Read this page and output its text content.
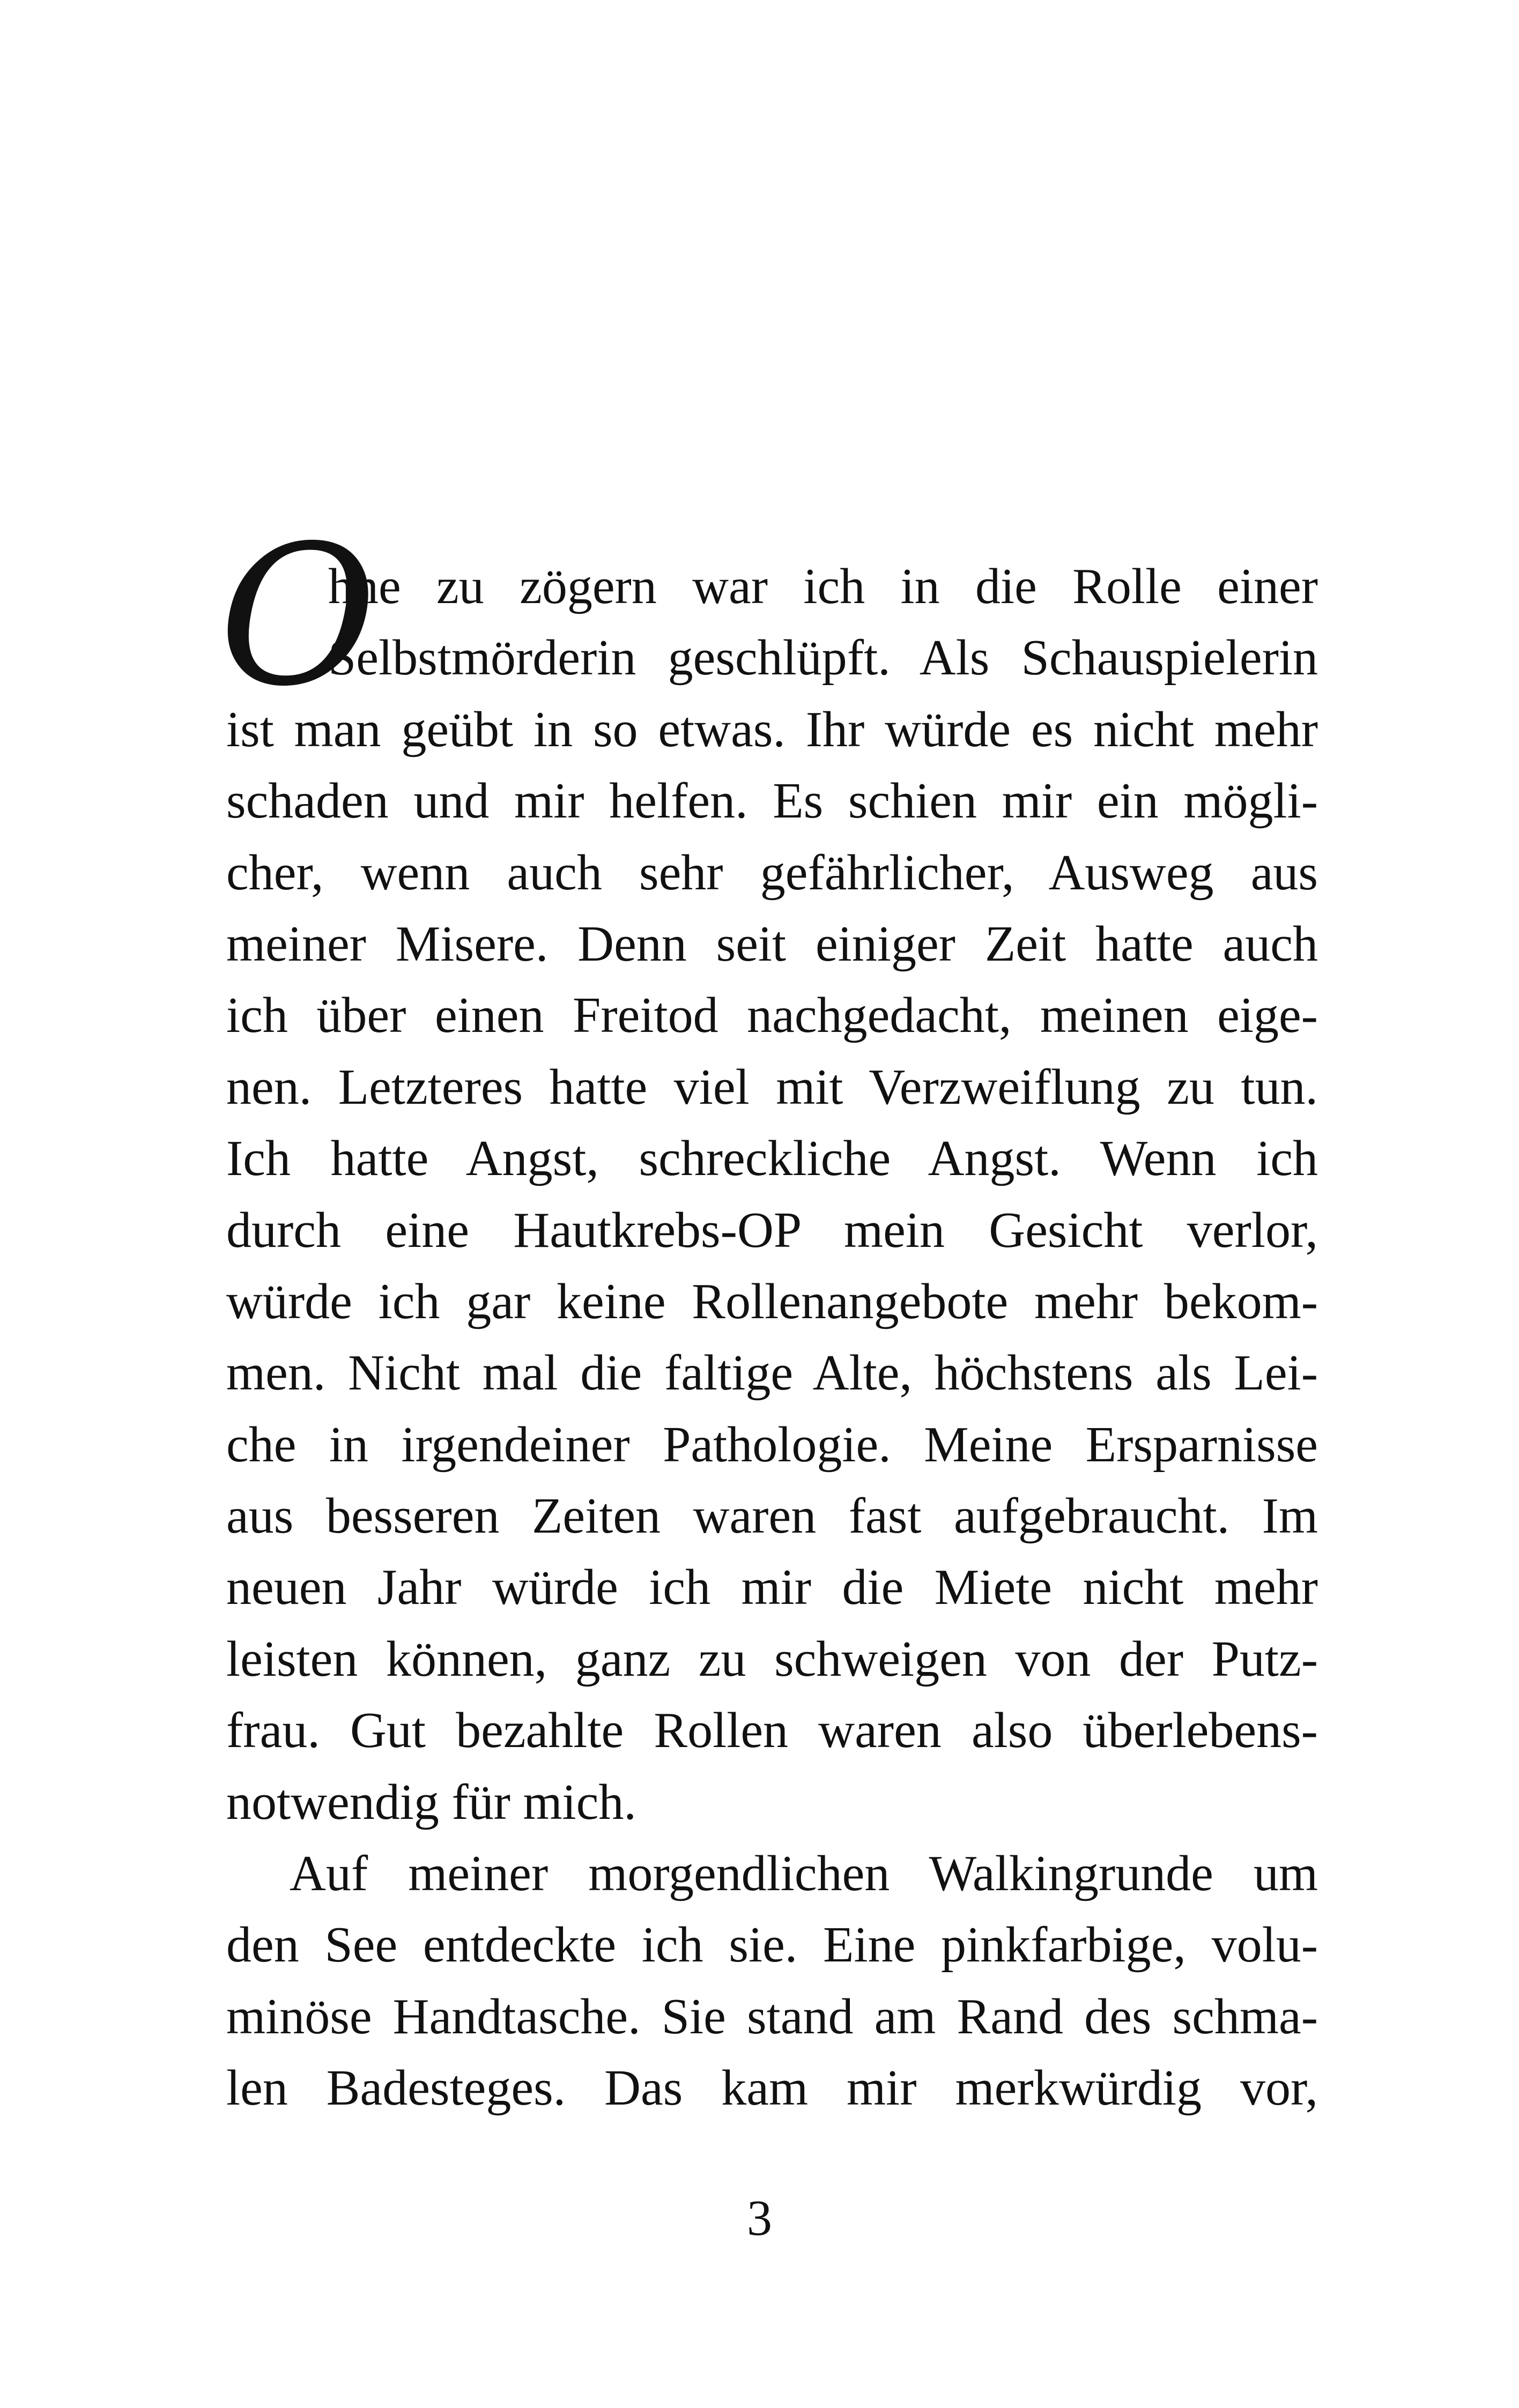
O
hne zu zögern war ich in die Rolle einer
Selbstmörderin geschlüpft. Als Schauspielerin
ist man geübt in so etwas. Ihr würde es nicht mehr
schaden und mir helfen. Es schien mir ein mögli-
cher, wenn auch sehr gefährlicher, Ausweg aus
meiner Misere. Denn seit einiger Zeit hatte auch
ich über einen Freitod nachgedacht, meinen eige-
nen. Letzteres hatte viel mit Verzweiflung zu tun.
Ich hatte Angst, schreckliche Angst. Wenn ich
durch eine Hautkrebs-OP mein Gesicht verlor,
würde ich gar keine Rollenangebote mehr bekom-
men. Nicht mal die faltige Alte, höchstens als Lei-
che in irgendeiner Pathologie. Meine Ersparnisse
aus besseren Zeiten waren fast aufgebraucht. Im
neuen Jahr würde ich mir die Miete nicht mehr
leisten können, ganz zu schweigen von der Putz-
frau. Gut bezahlte Rollen waren also überlebens-
notwendig für mich.
Auf meiner morgendlichen Walkingrunde um
den See entdeckte ich sie. Eine pinkfarbige, volu-
minöse Handtasche. Sie stand am Rand des schma-
len Badesteges. Das kam mir merkwürdig vor,
3
